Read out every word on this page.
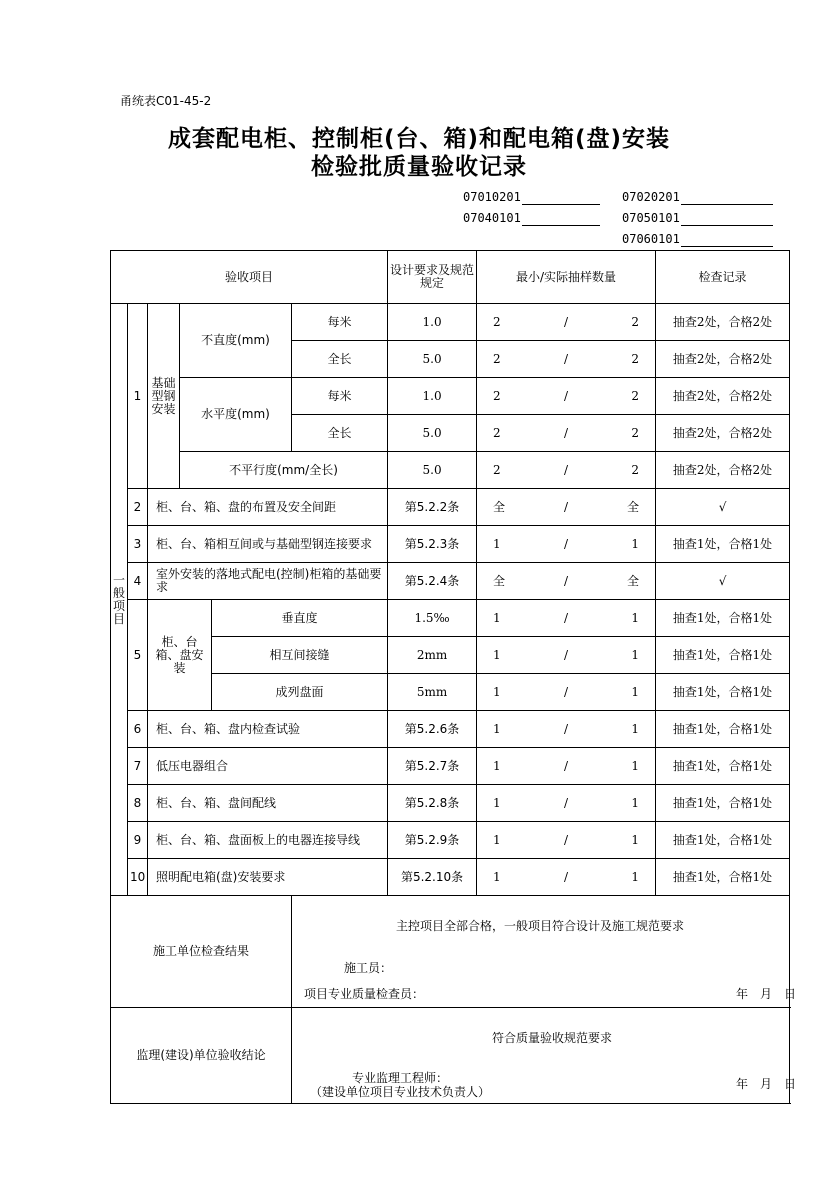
甬统表C01-45-2
成套配电柜、控制柜(台、箱)和配电箱(盘)安装
检验批质量验收记录
07010201	07020201
07040101	07050101
07060101
验收项目						设计要求及规范规定	最小/实际抽样数量	检查记录	
一
般
项
目	1	基础型钢安装	不直度(mm)		每米	1.0	2 / 2	抽查2处，合格2处	
					全长	5.0	2 / 2	抽查2处，合格2处	
			水平度(mm)		每米	1.0	2 / 2	抽查2处，合格2处	
					全长	5.0	2 / 2	抽查2处，合格2处	
			不平行度(mm/全长)			5.0	2 / 2	抽查2处，合格2处	
	2	柜、台、箱、盘的布置及安全间距				第5.2.2条	全 / 全	√	
	3	柜、台、箱相互间或与基础型钢连接要求				第5.2.3条	1 / 1	抽查1处，合格1处	
	4	室外安装的落地式配电(控制)柜箱的基础要求				第5.2.4条	全 / 全	√	
	5	柜、台箱、盘安装		垂直度		1.5‰	1 / 1	抽查1处，合格1处	
				相互间接缝		2mm	1 / 1	抽查1处，合格1处	
				成列盘面		5mm	1 / 1	抽查1处，合格1处	
	6	柜、台、箱、盘内检查试验				第5.2.6条	1 / 1	抽查1处，合格1处	
	7	低压电器组合				第5.2.7条	1 / 1	抽查1处，合格1处	
	8	柜、台、箱、盘间配线				第5.2.8条	1 / 1	抽查1处，合格1处	
	9	柜、台、箱、盘面板上的电器连接导线				第5.2.9条	1 / 1	抽查1处，合格1处	
	10	照明配电箱(盘)安装要求				第5.2.10条	1 / 1	抽查1处，合格1处	
施工单位检查结果					主控项目全部合格，一般项目符合设计及施工规范要求
施工员：
项目专业质量检查员： 年　月　日				

监理(建设)单位验收结论					符合质量验收规范要求
专业监理工程师：
（建设单位项目专业技术负责人）
年　月　日				
